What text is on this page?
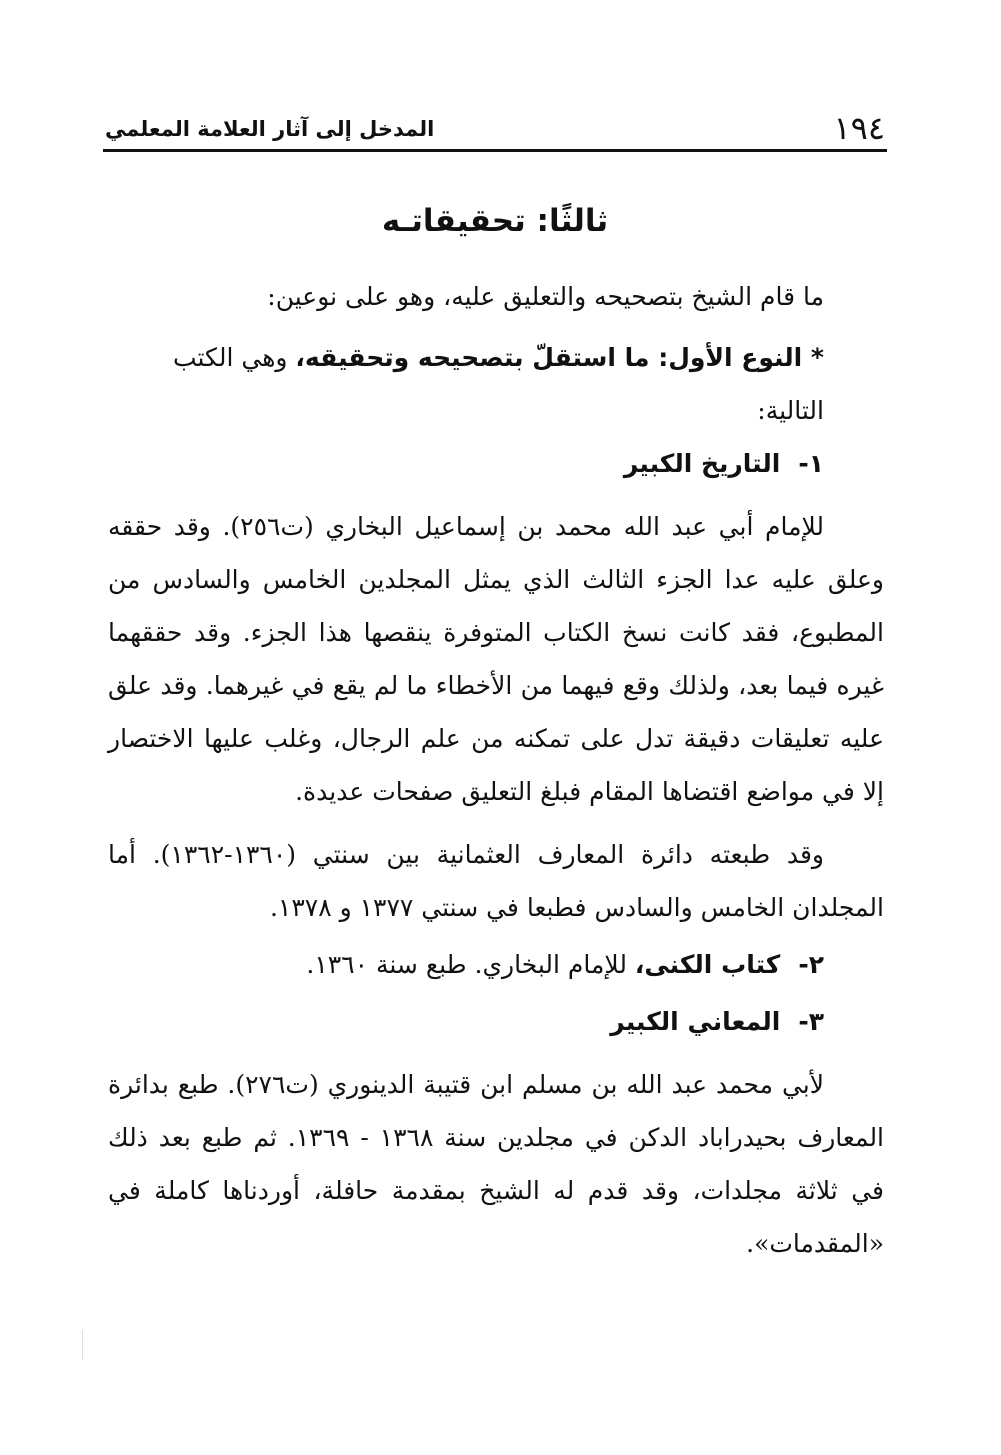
١٩٤
المدخل إلى آثار العلامة المعلمي
ثالثًا: تحقيقاتـه

ما قام الشيخ بتصحيحه والتعليق عليه، وهو على نوعين:

* النوع الأول: ما استقلّ بتصحيحه وتحقيقه، وهي الكتب التالية:

١-التاريخ الكبير

للإمام أبي عبد الله محمد بن إسماعيل البخاري (ت٢٥٦). وقد حققه وعلق عليه عدا الجزء الثالث الذي يمثل المجلدين الخامس والسادس من المطبوع، فقد كانت نسخ الكتاب المتوفرة ينقصها هذا الجزء. وقد حققهما غيره فيما بعد، ولذلك وقع فيهما من الأخطاء ما لم يقع في غيرهما. وقد علق عليه تعليقات دقيقة تدل على تمكنه من علم الرجال، وغلب عليها الاختصار إلا في مواضع اقتضاها المقام فبلغ التعليق صفحات عديدة.

وقد طبعته دائرة المعارف العثمانية بين سنتي (١٣٦٠-١٣٦٢). أما المجلدان الخامس والسادس فطبعا في سنتي ١٣٧٧ و ١٣٧٨.

٢-كتاب الكنى، للإمام البخاري. طبع سنة ١٣٦٠.

٣-المعاني الكبير

لأبي محمد عبد الله بن مسلم ابن قتيبة الدينوري (ت٢٧٦). طبع بدائرة المعارف بحيدراباد الدكن في مجلدين سنة ١٣٦٨ - ١٣٦٩. ثم طبع بعد ذلك في ثلاثة مجلدات، وقد قدم له الشيخ بمقدمة حافلة، أوردناها كاملة في «المقدمات».
